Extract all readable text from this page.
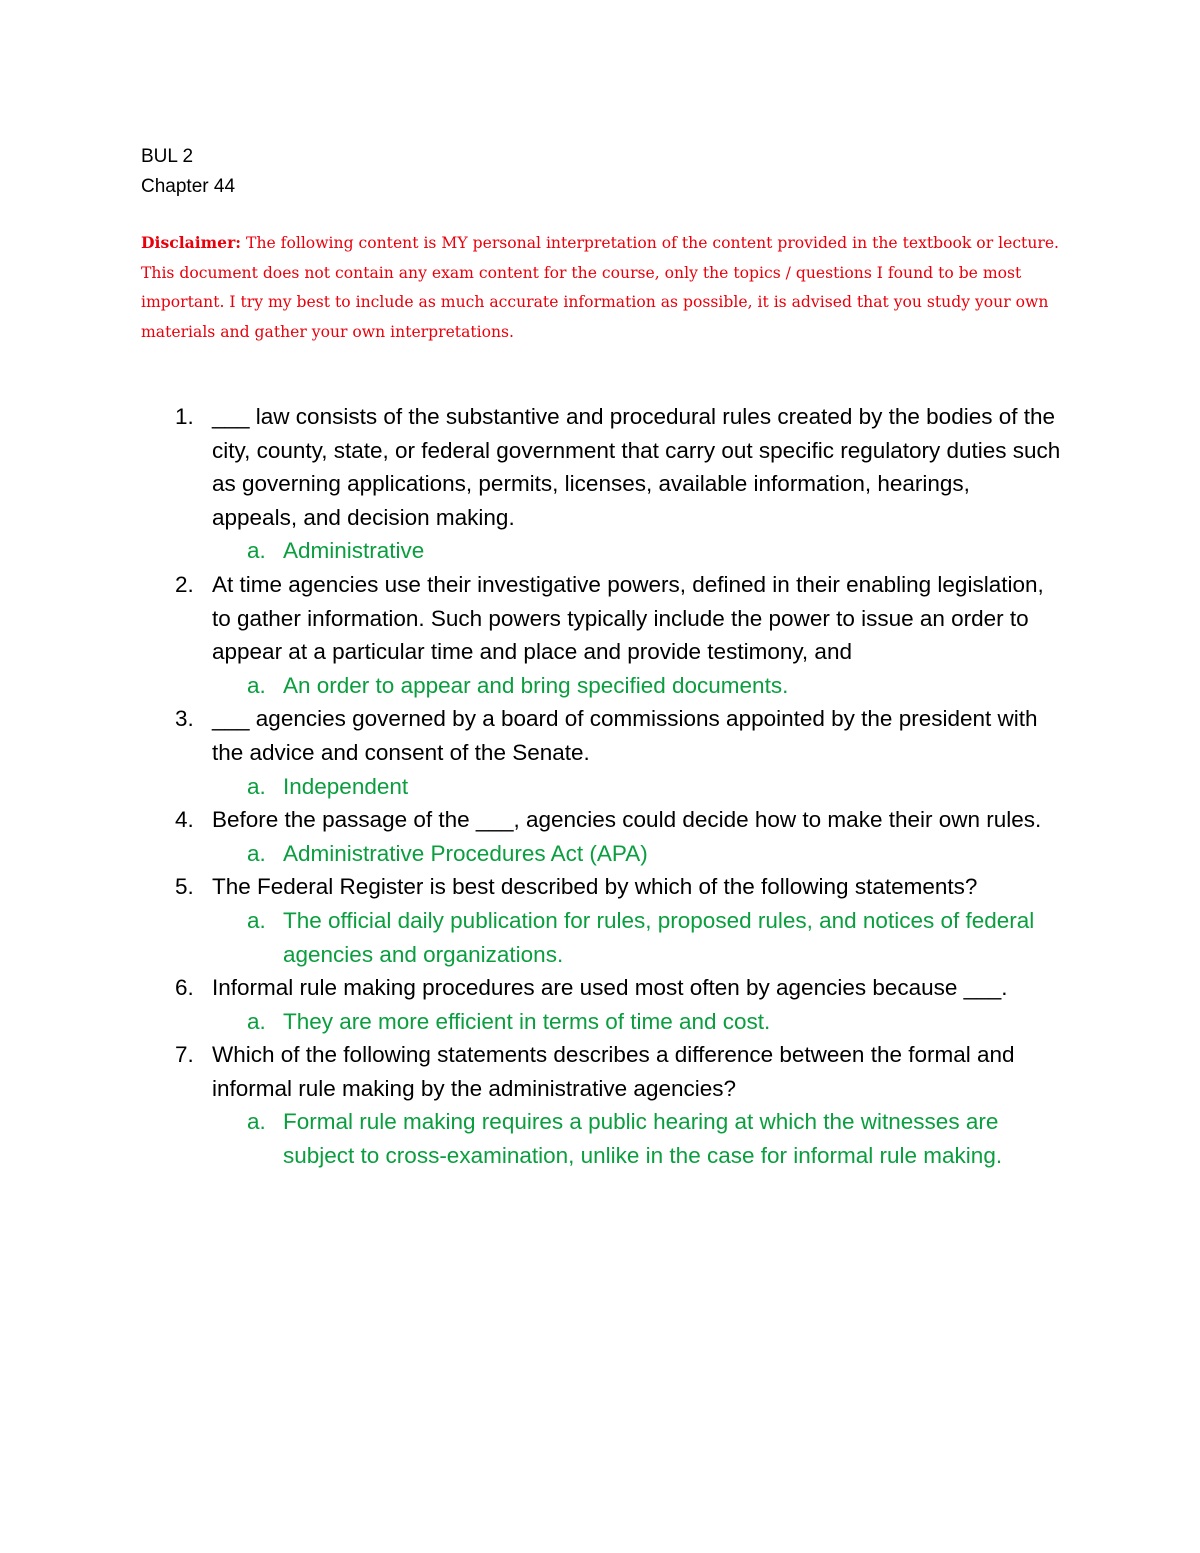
BUL 2
Chapter 44
Disclaimer: The following content is MY personal interpretation of the content provided in the textbook or lecture. This document does not contain any exam content for the course, only the topics / questions I found to be most important. I try my best to include as much accurate information as possible, it is advised that you study your own materials and gather your own interpretations.
1. ___ law consists of the substantive and procedural rules created by the bodies of the city, county, state, or federal government that carry out specific regulatory duties such as governing applications, permits, licenses, available information, hearings, appeals, and decision making.
a. Administrative
2. At time agencies use their investigative powers, defined in their enabling legislation, to gather information. Such powers typically include the power to issue an order to appear at a particular time and place and provide testimony, and
a. An order to appear and bring specified documents.
3. ___ agencies governed by a board of commissions appointed by the president with the advice and consent of the Senate.
a. Independent
4. Before the passage of the ___, agencies could decide how to make their own rules.
a. Administrative Procedures Act (APA)
5. The Federal Register is best described by which of the following statements?
a. The official daily publication for rules, proposed rules, and notices of federal agencies and organizations.
6. Informal rule making procedures are used most often by agencies because ___.
a. They are more efficient in terms of time and cost.
7. Which of the following statements describes a difference between the formal and informal rule making by the administrative agencies?
a. Formal rule making requires a public hearing at which the witnesses are subject to cross-examination, unlike in the case for informal rule making.
